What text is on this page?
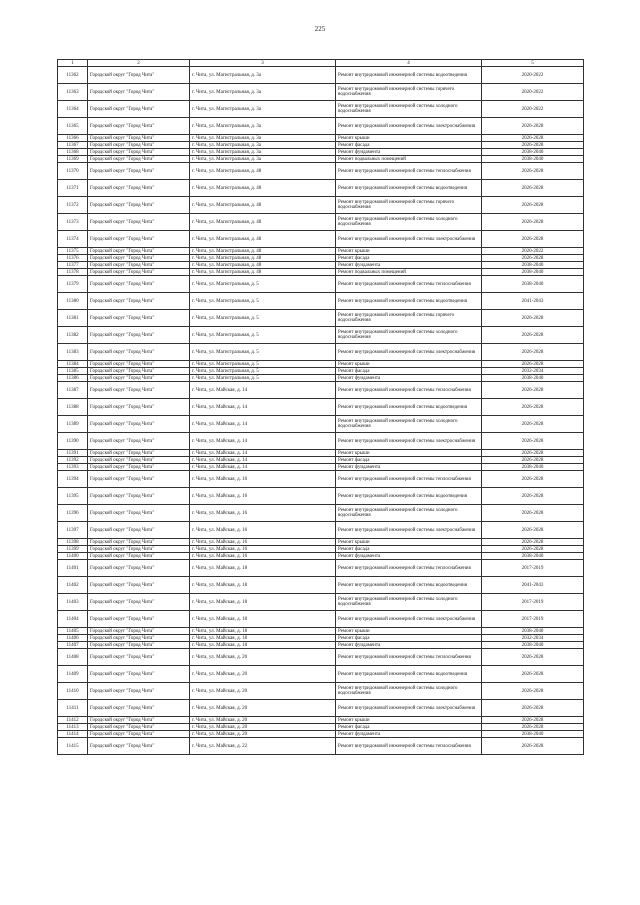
225
1	2	3	4	5
11362	Городской округ "Город Чита"	г. Чита, ул. Магистральная, д. 3а	Ремонт внутридомовой инженерной системы водоотведения	2020-2022
11363	Городской округ "Город Чита"	г. Чита, ул. Магистральная, д. 3а	Ремонт внутридомовой инженерной системы горячего водоснабжения	2020-2022
11364	Городской округ "Город Чита"	г. Чита, ул. Магистральная, д. 3а	Ремонт внутридомовой инженерной системы холодного водоснабжения	2020-2022
11365	Городской округ "Город Чита"	г. Чита, ул. Магистральная, д. 3а	Ремонт внутридомовой инженерной системы электроснабжения	2026-2028
11366	Городской округ "Город Чита"	г. Чита, ул. Магистральная, д. 3а	Ремонт крыши	2026-2028
11367	Городской округ "Город Чита"	г. Чита, ул. Магистральная, д. 3а	Ремонт фасада	2026-2028
11368	Городской округ "Город Чита"	г. Чита, ул. Магистральная, д. 3а	Ремонт фундамента	2038-2040
11369	Городской округ "Город Чита"	г. Чита, ул. Магистральная, д. 3а	Ремонт подвальных помещений	2038-2040
11370	Городской округ "Город Чита"	г. Чита, ул. Магистральная, д. 48	Ремонт внутридомовой инженерной системы теплоснабжения	2026-2028
11371	Городской округ "Город Чита"	г. Чита, ул. Магистральная, д. 48	Ремонт внутридомовой инженерной системы водоотведения	2026-2028
11372	Городской округ "Город Чита"	г. Чита, ул. Магистральная, д. 48	Ремонт внутридомовой инженерной системы горячего водоснабжения	2026-2028
11373	Городской округ "Город Чита"	г. Чита, ул. Магистральная, д. 48	Ремонт внутридомовой инженерной системы холодного водоснабжения	2026-2028
11374	Городской округ "Город Чита"	г. Чита, ул. Магистральная, д. 48	Ремонт внутридомовой инженерной системы электроснабжения	2026-2028
11375	Городской округ "Город Чита"	г. Чита, ул. Магистральная, д. 48	Ремонт крыши	2020-2022
11376	Городской округ "Город Чита"	г. Чита, ул. Магистральная, д. 48	Ремонт фасада	2026-2028
11377	Городской округ "Город Чита"	г. Чита, ул. Магистральная, д. 48	Ремонт фундамента	2038-2040
11378	Городской округ "Город Чита"	г. Чита, ул. Магистральная, д. 48	Ремонт подвальных помещений	2038-2040
11379	Городской округ "Город Чита"	г. Чита, ул. Магистральная, д. 5	Ремонт внутридомовой инженерной системы теплоснабжения	2038-2040
11380	Городской округ "Город Чита"	г. Чита, ул. Магистральная, д. 5	Ремонт внутридомовой инженерной системы водоотведения	2041-2043
11381	Городской округ "Город Чита"	г. Чита, ул. Магистральная, д. 5	Ремонт внутридомовой инженерной системы горячего водоснабжения	2026-2028
11382	Городской округ "Город Чита"	г. Чита, ул. Магистральная, д. 5	Ремонт внутридомовой инженерной системы холодного водоснабжения	2026-2028
11383	Городской округ "Город Чита"	г. Чита, ул. Магистральная, д. 5	Ремонт внутридомовой инженерной системы электроснабжения	2026-2028
11384	Городской округ "Город Чита"	г. Чита, ул. Магистральная, д. 5	Ремонт крыши	2026-2028
11385	Городской округ "Город Чита"	г. Чита, ул. Магистральная, д. 5	Ремонт фасада	2032-2034
11386	Городской округ "Город Чита"	г. Чита, ул. Магистральная, д. 5	Ремонт фундамента	2038-2040
11387	Городской округ "Город Чита"	г. Чита, ул. Майская, д. 14	Ремонт внутридомовой инженерной системы теплоснабжения	2026-2028
11388	Городской округ "Город Чита"	г. Чита, ул. Майская, д. 14	Ремонт внутридомовой инженерной системы водоотведения	2026-2028
11389	Городской округ "Город Чита"	г. Чита, ул. Майская, д. 14	Ремонт внутридомовой инженерной системы холодного водоснабжения	2026-2028
11390	Городской округ "Город Чита"	г. Чита, ул. Майская, д. 14	Ремонт внутридомовой инженерной системы электроснабжения	2026-2028
11391	Городской округ "Город Чита"	г. Чита, ул. Майская, д. 14	Ремонт крыши	2026-2028
11392	Городской округ "Город Чита"	г. Чита, ул. Майская, д. 14	Ремонт фасада	2026-2028
11393	Городской округ "Город Чита"	г. Чита, ул. Майская, д. 14	Ремонт фундамента	2038-2040
11394	Городской округ "Город Чита"	г. Чита, ул. Майская, д. 16	Ремонт внутридомовой инженерной системы теплоснабжения	2026-2028
11395	Городской округ "Город Чита"	г. Чита, ул. Майская, д. 16	Ремонт внутридомовой инженерной системы водоотведения	2026-2028
11396	Городской округ "Город Чита"	г. Чита, ул. Майская, д. 16	Ремонт внутридомовой инженерной системы холодного водоснабжения	2026-2028
11397	Городской округ "Город Чита"	г. Чита, ул. Майская, д. 16	Ремонт внутридомовой инженерной системы электроснабжения	2026-2028
11398	Городской округ "Город Чита"	г. Чита, ул. Майская, д. 16	Ремонт крыши	2026-2028
11399	Городской округ "Город Чита"	г. Чита, ул. Майская, д. 16	Ремонт фасада	2026-2028
11400	Городской округ "Город Чита"	г. Чита, ул. Майская, д. 16	Ремонт фундамента	2038-2040
11401	Городской округ "Город Чита"	г. Чита, ул. Майская, д. 18	Ремонт внутридомовой инженерной системы теплоснабжения	2017-2019
11402	Городской округ "Город Чита"	г. Чита, ул. Майская, д. 18	Ремонт внутридомовой инженерной системы водоотведения	2041-2043
11403	Городской округ "Город Чита"	г. Чита, ул. Майская, д. 18	Ремонт внутридомовой инженерной системы холодного водоснабжения	2017-2019
11404	Городской округ "Город Чита"	г. Чита, ул. Майская, д. 18	Ремонт внутридомовой инженерной системы электроснабжения	2017-2019
11405	Городской округ "Город Чита"	г. Чита, ул. Майская, д. 18	Ремонт крыши	2038-2040
11406	Городской округ "Город Чита"	г. Чита, ул. Майская, д. 18	Ремонт фасада	2032-2034
11407	Городской округ "Город Чита"	г. Чита, ул. Майская, д. 18	Ремонт фундамента	2038-2040
11408	Городской округ "Город Чита"	г. Чита, ул. Майская, д. 20	Ремонт внутридомовой инженерной системы теплоснабжения	2026-2028
11409	Городской округ "Город Чита"	г. Чита, ул. Майская, д. 20	Ремонт внутридомовой инженерной системы водоотведения	2026-2028
11410	Городской округ "Город Чита"	г. Чита, ул. Майская, д. 20	Ремонт внутридомовой инженерной системы холодного водоснабжения	2026-2028
11411	Городской округ "Город Чита"	г. Чита, ул. Майская, д. 20	Ремонт внутридомовой инженерной системы электроснабжения	2026-2028
11412	Городской округ "Город Чита"	г. Чита, ул. Майская, д. 20	Ремонт крыши	2026-2028
11413	Городской округ "Город Чита"	г. Чита, ул. Майская, д. 20	Ремонт фасада	2026-2028
11414	Городской округ "Город Чита"	г. Чита, ул. Майская, д. 20	Ремонт фундамента	2038-2040
11415	Городской округ "Город Чита"	г. Чита, ул. Майская, д. 22	Ремонт внутридомовой инженерной системы теплоснабжения	2026-2028
